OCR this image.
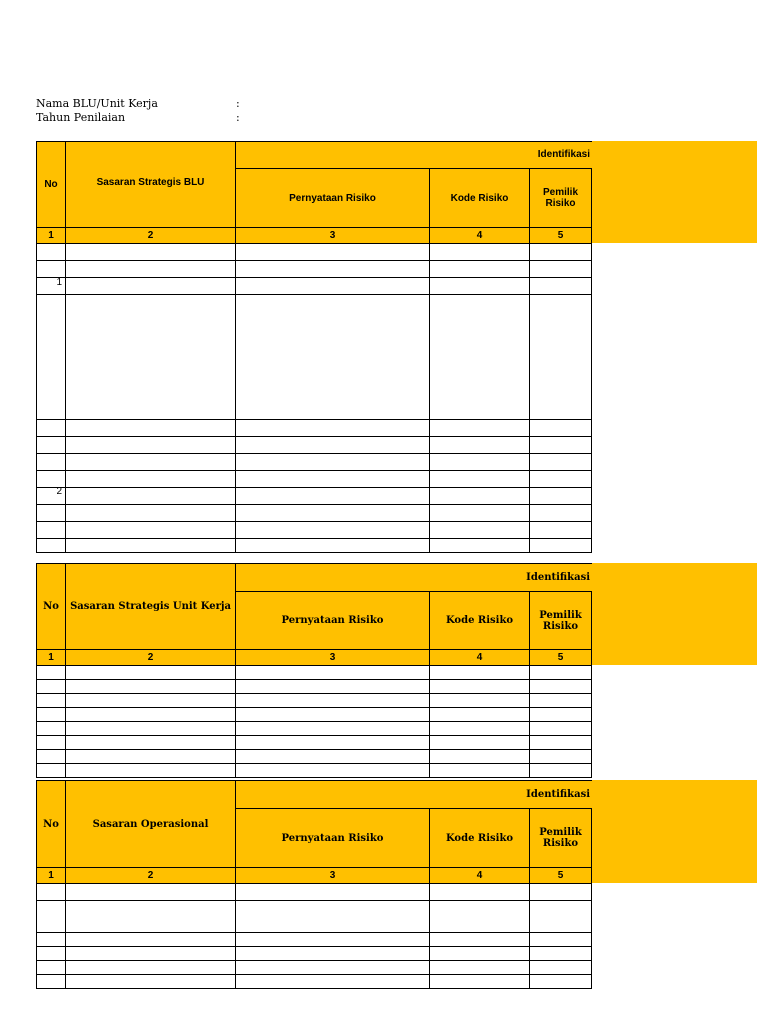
Nama BLU/Unit Kerja	:
Tahun Penilaian	:
No	Sasaran Strategis BLU
Identifikasi
Pernyataan Risiko	Kode Risiko	Pemilik Risiko
1	2	3	4	5
1
2
No	Sasaran Strategis Unit Kerja
Identifikasi
Pernyataan Risiko	Kode Risiko	Pemilik Risiko
1	2	3	4	5
No	Sasaran Operasional
Identifikasi
Pernyataan Risiko	Kode Risiko	Pemilik Risiko
1	2	3	4	5
